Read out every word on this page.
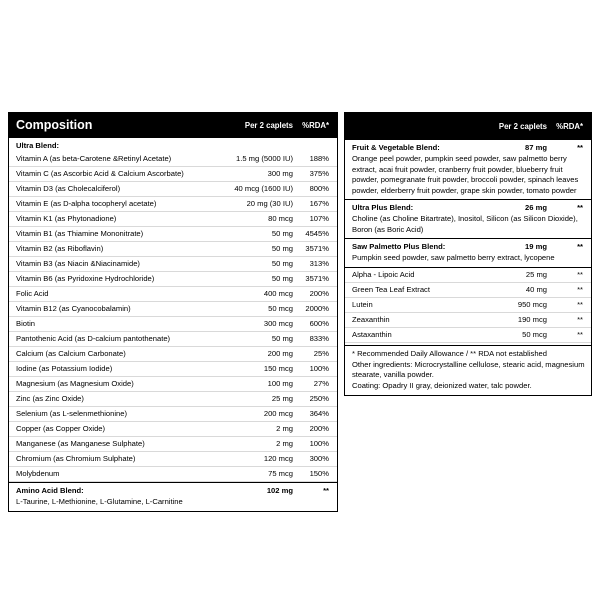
Composition	Per 2 caplets	%RDA*
Ultra Blend:
Vitamin A (as beta-Carotene &Retinyl Acetate)	1.5 mg (5000 IU)	188%
Vitamin C (as Ascorbic Acid & Calcium Ascorbate)	300 mg	375%
Vitamin D3 (as Cholecalciferol)	40 mcg (1600 IU)	800%
Vitamin E (as D-alpha tocopheryl acetate)	20 mg (30 IU)	167%
Vitamin K1 (as Phytonadione)	80 mcg	107%
Vitamin B1 (as Thiamine Mononitrate)	50 mg	4545%
Vitamin B2 (as Riboflavin)	50 mg	3571%
Vitamin B3 (as Niacin &Niacinamide)	50 mg	313%
Vitamin B6 (as Pyridoxine Hydrochloride)	50 mg	3571%
Folic Acid	400 mcg	200%
Vitamin B12 (as Cyanocobalamin)	50 mcg	2000%
Biotin	300 mcg	600%
Pantothenic Acid (as D-calcium pantothenate)	50 mg	833%
Calcium (as Calcium Carbonate)	200 mg	25%
Iodine (as Potassium Iodide)	150 mcg	100%
Magnesium (as Magnesium Oxide)	100 mg	27%
Zinc (as Zinc Oxide)	25 mg	250%
Selenium (as L-selenmethionine)	200 mcg	364%
Copper (as Copper Oxide)	2 mg	200%
Manganese (as Manganese Sulphate)	2 mg	100%
Chromium (as Chromium Sulphate)	120 mcg	300%
Molybdenum	75 mcg	150%
Amino Acid Blend:	102 mg	**
L-Taurine, L-Methionine, L-Glutamine, L-Carnitine
Per 2 caplets	%RDA*
Fruit & Vegetable Blend:	87 mg	**
Orange peel powder, pumpkin seed powder, saw palmetto berry extract, acai fruit powder, cranberry fruit powder, blueberry fruit powder, pomegranate fruit powder, broccoli powder, spinach leaves powder, elderberry fruit powder, grape skin powder, tomato powder
Ultra Plus Blend:	26 mg	**
Choline (as Choline Bitartrate), Inositol, Silicon (as Silicon Dioxide), Boron (as Boric Acid)
Saw Palmetto Plus Blend:	19 mg	**
Pumpkin seed powder, saw palmetto berry extract, lycopene
Alpha - Lipoic Acid	25 mg	**
Green Tea Leaf Extract	40 mg	**
Lutein	950 mcg	**
Zeaxanthin	190 mcg	**
Astaxanthin	50 mcg	**

* Recommended Daily Allowance / ** RDA not established

Other ingredients: Microcrystalline cellulose, stearic acid, magnesium stearate, vanilla powder.

Coating: Opadry II gray, deionized water, talc powder.
